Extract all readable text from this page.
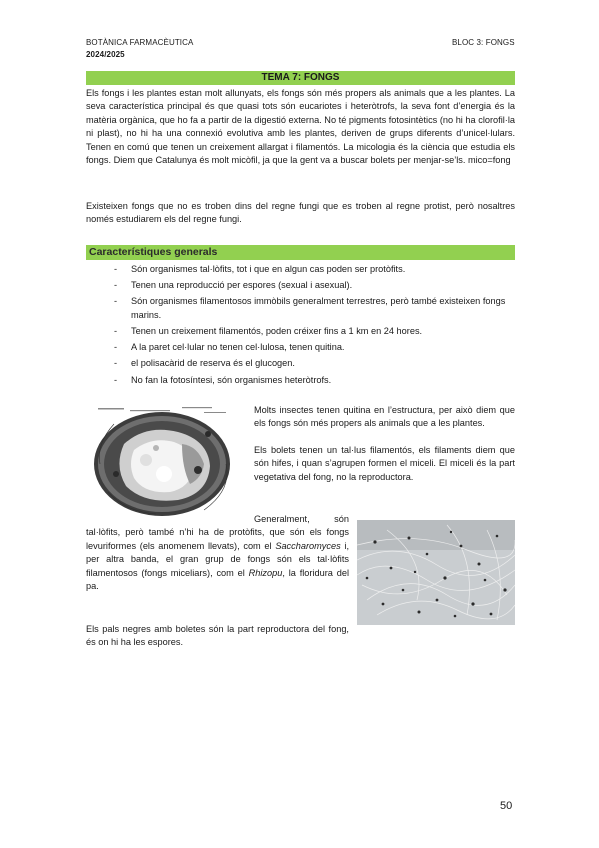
BOTÀNICA FARMACÈUTICA
2024/2025
BLOC 3: FONGS
TEMA 7: FONGS

Els fongs i les plantes estan molt allunyats, els fongs són més propers als animals que a les plantes. La seva característica principal és que quasi tots són eucariotes i heteròtrofs, la seva font d’energia és la matèria orgànica, que ho fa a partir de la digestió externa. No té pigments fotosintètics (no hi ha clorofil·la ni plast), no hi ha una connexió evolutiva amb les plantes, deriven de grups diferents d’unicel·lulars. Tenen en comú que tenen un creixement allargat i filamentós. La micologia és la ciència que estudia els fongs. Diem que Catalunya és molt micòfil, ja que la gent va a buscar bolets per menjar-se’ls. mico=fong

Existeixen fongs que no es troben dins del regne fungi que es troben al regne protist, però nosaltres només estudiarem els del regne fungi.

Característiques generals
- Són organismes tal·lòfits, tot i que en algun cas poden ser protòfits.
- Tenen una reproducció per espores (sexual i asexual).
- Són organismes filamentosos immòbils generalment terrestres, però també existeixen fongs marins.
- Tenen un creixement filamentós, poden créixer fins a 1 km en 24 hores.
- A la paret cel·lular no tenen cel·lulosa, tenen quitina.
- el polisacàrid de reserva és el glucogen.
- No fan la fotosíntesi, són organismes heteròtrofs.

Molts insectes tenen quitina en l’estructura, per això diem que els fongs són més propers als animals que a les plantes.

Els bolets tenen un tal·lus filamentós, els filaments diem que són hifes, i quan s’agrupen formen el miceli. El miceli és la part vegetativa del fong, no la reproductora.

Generalment, són tal·lòfits, però també n’hi ha de protòfits, que són els fongs levuriformes (els anomenem llevats), com el Saccharomyces i, per altra banda, el gran grup de fongs són els tal·lòfits filamentosos (fongs miceliars), com el Rhizopu, la floridura del pa.

Els pals negres amb boletes són la part reproductora del fong, és on hi ha les espores.

50
